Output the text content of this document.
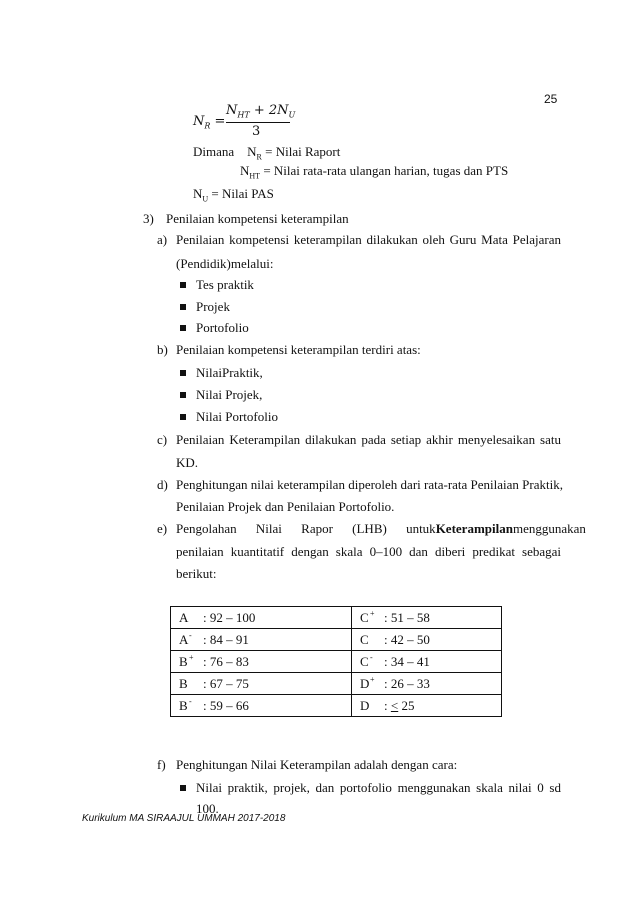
25
$N_R$ =
$N_{HT} + 2N_U$
3
Dimana $N_R$ = Nilai Raport
$N_{HT}$ = Nilai rata-rata ulangan harian, tugas dan PTS
$N_U$ = Nilai PAS
3) Penilaian kompetensi keterampilan
a) Penilaian kompetensi keterampilan dilakukan oleh Guru Mata Pelajaran
(Pendidik)melalui:
Tes praktik
Projek
Portofolio
b) Penilaian kompetensi keterampilan terdiri atas:
NilaiPraktik,
Nilai Projek,
Nilai Portofolio
c) Penilaian Keterampilan dilakukan pada setiap akhir menyelesaikan satu
KD.
d) Penghitungan nilai keterampilan diperoleh dari rata-rata Penilaian Praktik,
Penilaian Projek dan Penilaian Portofolio.
e) Pengolahan Nilai Rapor (LHB) untuk Keterampilanmenggunakan
penilaian kuantitatif dengan skala 0–100 dan diberi predikat sebagai
berikut:
A : 92 – 100	C+ : 51 – 58
A- : 84 – 91	C : 42 – 50
B+ : 76 – 83	C- : 34 – 41
B : 67 – 75	D+ : 26 – 33
B- : 59 – 66	D : < 25
f) Penghitungan Nilai Keterampilan adalah dengan cara:
Nilai praktik, projek, dan portofolio menggunakan skala nilai 0 sd
100.
Kurikulum MA SIRAAJUL UMMAH 2017-2018
